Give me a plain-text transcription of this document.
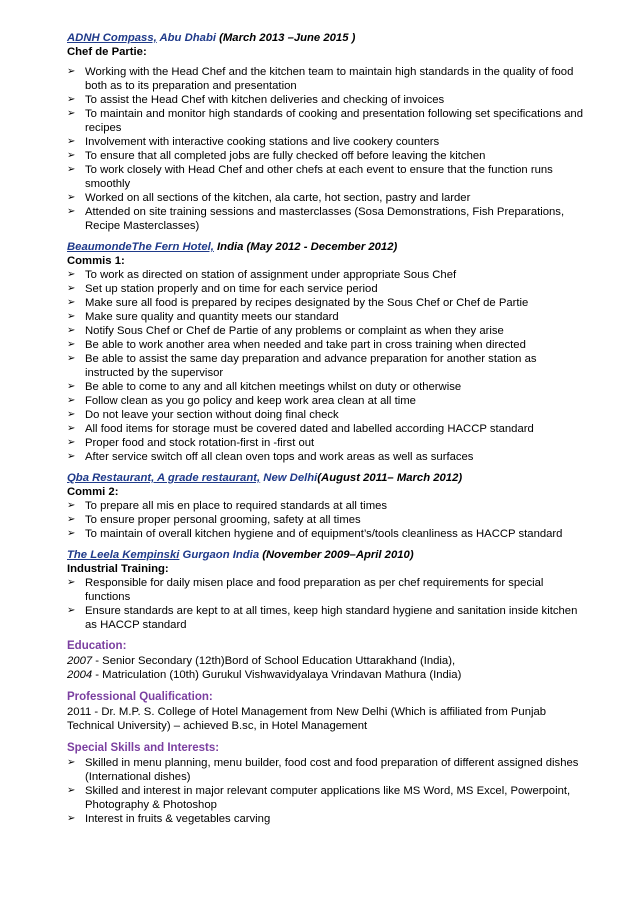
ADNH Compass, Abu Dhabi (March 2013 –June 2015 )
Chef de Partie:
➢ Working with the Head Chef and the kitchen team to maintain high standards in the quality of food both as to its preparation and presentation
➢ To assist the Head Chef with kitchen deliveries and checking of invoices
➢ To maintain and monitor high standards of cooking and presentation following set specifications and recipes
➢ Involvement with interactive cooking stations and live cookery counters
➢ To ensure that all completed jobs are fully checked off before leaving the kitchen
➢ To work closely with Head Chef and other chefs at each event to ensure that the function runs smoothly
➢ Worked on all sections of the kitchen, ala carte, hot section, pastry and larder
➢ Attended on site training sessions and masterclasses (Sosa Demonstrations, Fish Preparations, Recipe Masterclasses)
BeaumondeThe Fern Hotel, India (May 2012 - December 2012)
Commis 1:
➢ To work as directed on station of assignment under appropriate Sous Chef
➢ Set up station properly and on time for each service period
➢ Make sure all food is prepared by recipes designated by the Sous Chef or Chef de Partie
➢ Make sure quality and quantity meets our standard
➢ Notify Sous Chef or Chef de Partie of any problems or complaint as when they arise
➢ Be able to work another area when needed and take part in cross training when directed
➢ Be able to assist the same day preparation and advance preparation for another station as instructed by the supervisor
➢ Be able to come to any and all kitchen meetings whilst on duty or otherwise
➢ Follow clean as you go policy and keep work area clean at all time
➢ Do not leave your section without doing final check
➢ All food items for storage must be covered dated and labelled according HACCP standard
➢ Proper food and stock rotation-first in -first out
➢ After service switch off all clean oven tops and work areas as well as surfaces
Qba Restaurant, A grade restaurant, New Delhi(August 2011– March 2012)
Commi 2:
➢ To prepare all mis en place to required standards at all times
➢ To ensure proper personal grooming, safety at all times
➢ To maintain of overall kitchen hygiene and of equipment’s/tools cleanliness as HACCP standard
The Leela Kempinski Gurgaon India (November 2009–April 2010)
Industrial Training:
➢ Responsible for daily misen place and food preparation as per chef requirements for special functions
➢ Ensure standards are kept to at all times, keep high standard hygiene and sanitation inside kitchen as HACCP standard
Education:
2007 - Senior Secondary (12th)Bord of School Education Uttarakhand (India),
2004 - Matriculation (10th) Gurukul Vishwavidyalaya Vrindavan Mathura (India)
Professional Qualification:
2011 - Dr. M.P. S. College of Hotel Management from New Delhi (Which is affiliated from Punjab Technical University) – achieved B.sc, in Hotel Management
Special Skills and Interests:
➢ Skilled in menu planning, menu builder, food cost and food preparation of different assigned dishes (International dishes)
➢ Skilled and interest in major relevant computer applications like MS Word, MS Excel, Powerpoint, Photography & Photoshop
➢ Interest in fruits & vegetables carving
